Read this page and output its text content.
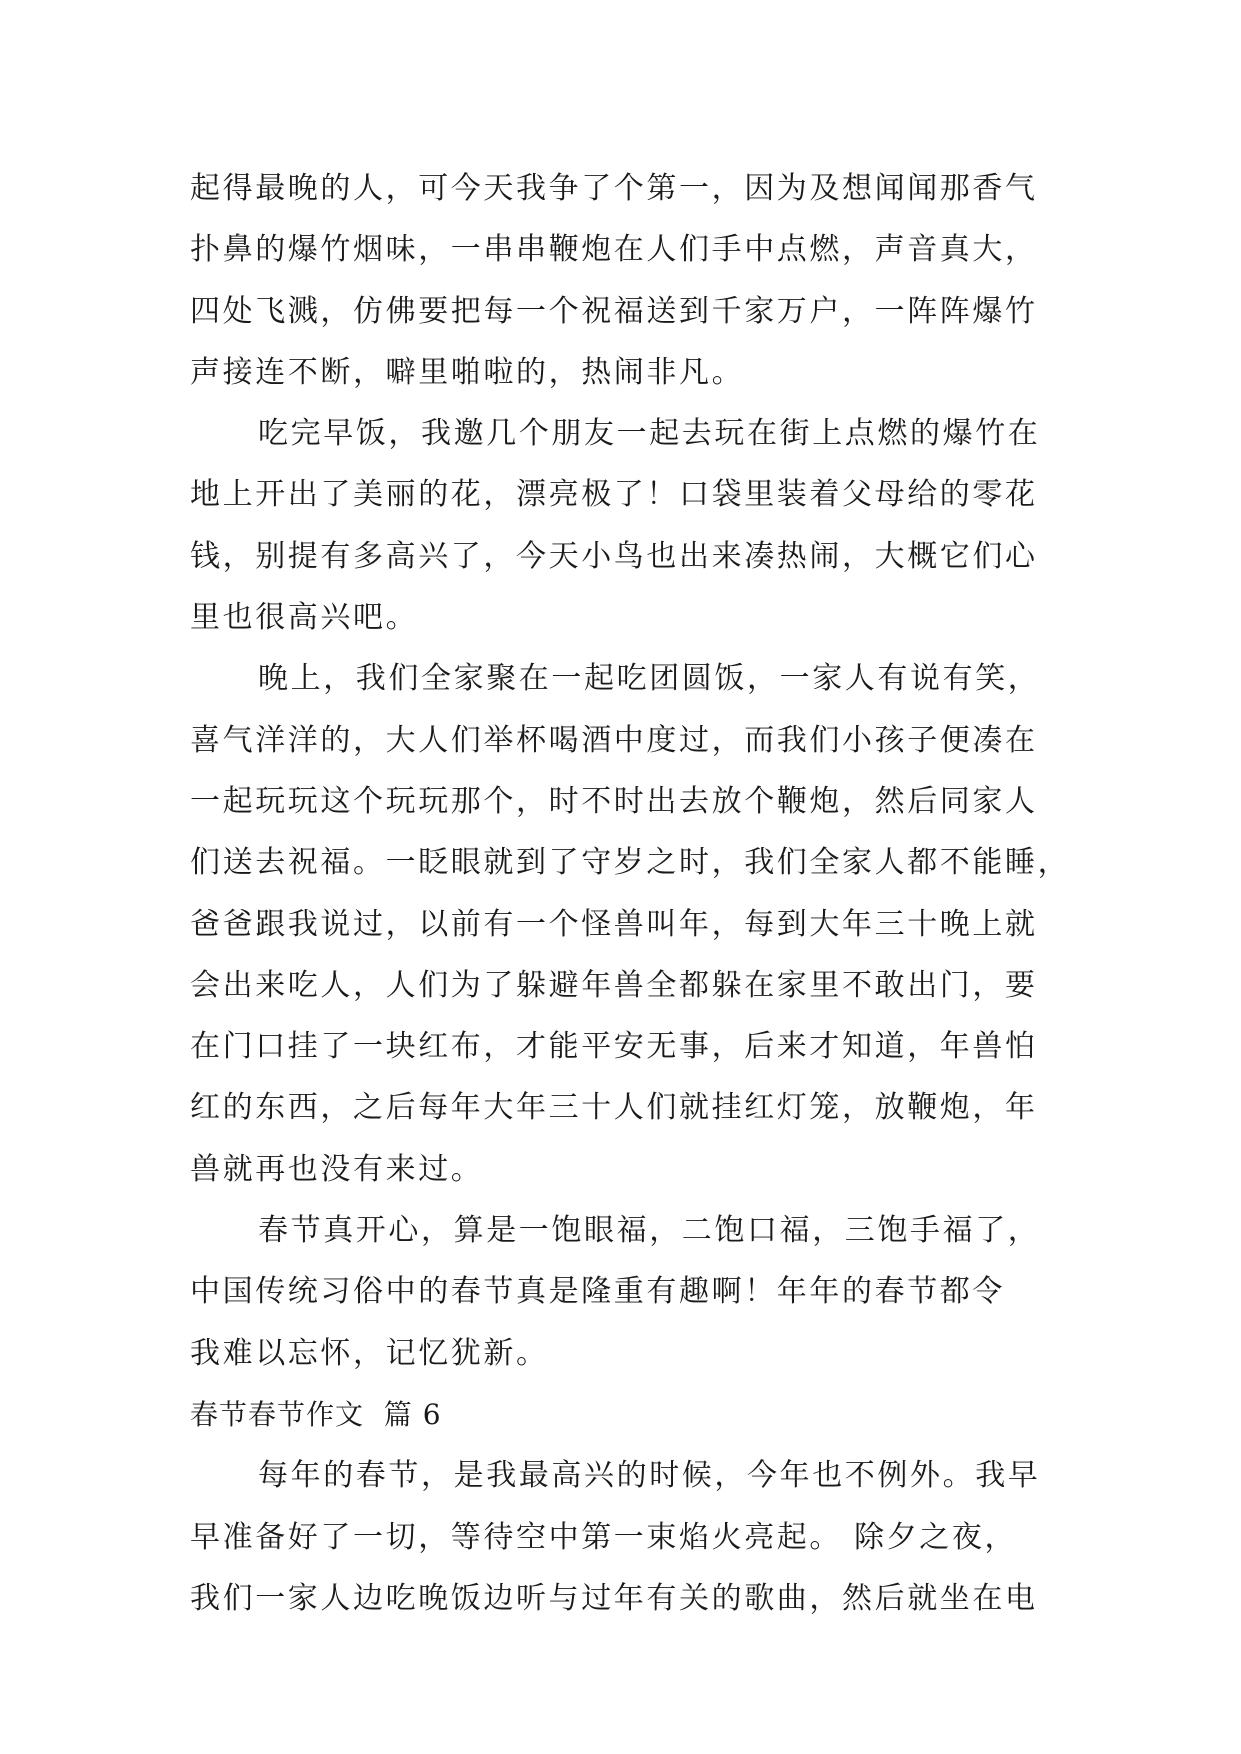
起得最晚的人，可今天我争了个第一，因为及想闻闻那香气
扑鼻的爆竹烟味，一串串鞭炮在人们手中点燃，声音真大，
四处飞溅，仿佛要把每一个祝福送到千家万户，一阵阵爆竹
声接连不断，噼里啪啦的，热闹非凡。
吃完早饭，我邀几个朋友一起去玩在街上点燃的爆竹在
地上开出了美丽的花，漂亮极了！口袋里装着父母给的零花
钱，别提有多高兴了，今天小鸟也出来凑热闹，大概它们心
里也很高兴吧。
晚上，我们全家聚在一起吃团圆饭，一家人有说有笑，
喜气洋洋的，大人们举杯喝酒中度过，而我们小孩子便凑在
一起玩玩这个玩玩那个，时不时出去放个鞭炮，然后同家人
们送去祝福。一眨眼就到了守岁之时，我们全家人都不能睡，
爸爸跟我说过，以前有一个怪兽叫年，每到大年三十晚上就
会出来吃人，人们为了躲避年兽全都躲在家里不敢出门，要
在门口挂了一块红布，才能平安无事，后来才知道，年兽怕
红的东西，之后每年大年三十人们就挂红灯笼，放鞭炮，年
兽就再也没有来过。
春节真开心，算是一饱眼福，二饱口福，三饱手福了，
中国传统习俗中的春节真是隆重有趣啊！年年的春节都令
我难以忘怀，记忆犹新。
春节春节作文  篇 6
每年的春节，是我最高兴的时候，今年也不例外。我早
早准备好了一切，等待空中第一束焰火亮起。 除夕之夜，
我们一家人边吃晚饭边听与过年有关的歌曲，然后就坐在电
